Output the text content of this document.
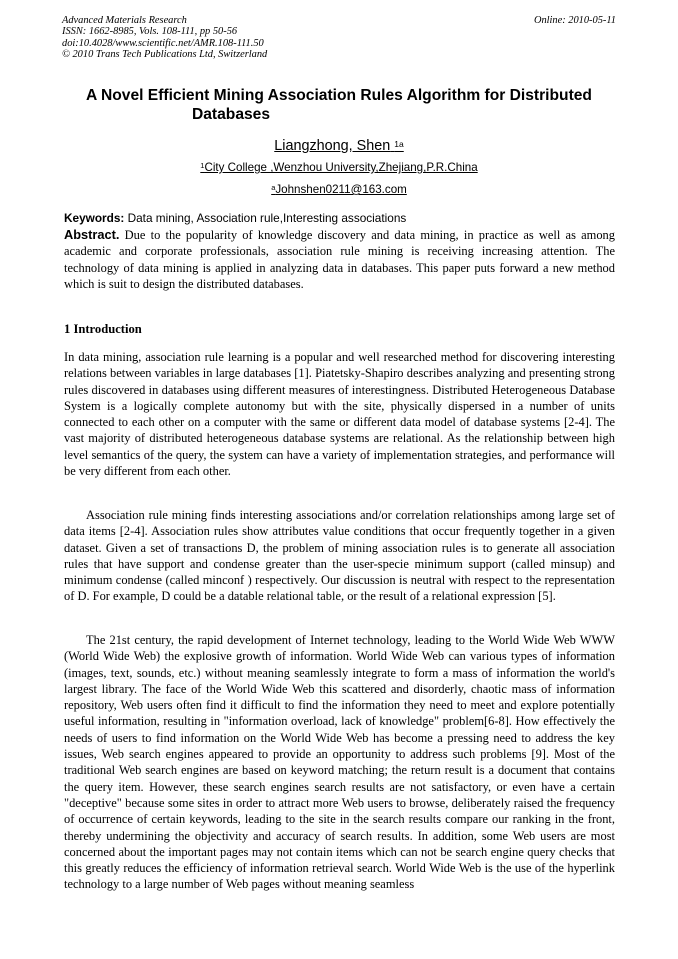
Advanced Materials Research
ISSN: 1662-8985, Vols. 108-111, pp 50-56
doi:10.4028/www.scientific.net/AMR.108-111.50
© 2010 Trans Tech Publications Ltd, Switzerland
Online: 2010-05-11
A Novel Efficient Mining Association Rules Algorithm for Distributed
Databases
Liangzhong, Shen $^{1a}$
$^1$City College ,Wenzhou University,Zhejiang,P.R.China
$^a$Johnshen0211@163.com
Keywords: Data mining, Association rule,Interesting associations
Abstract. Due to the popularity of knowledge discovery and data mining, in practice as well as among academic and corporate professionals, association rule mining is receiving increasing attention. The technology of data mining is applied in analyzing data in databases. This paper puts forward a new method which is suit to design the distributed databases.
1 Introduction

In data mining, association rule learning is a popular and well researched method for discovering interesting relations between variables in large databases [1]. Piatetsky-Shapiro describes analyzing and presenting strong rules discovered in databases using different measures of interestingness. Distributed Heterogeneous Database System is a logically complete autonomy but with the site, physically dispersed in a number of units connected to each other on a computer with the same or different data model of database systems [2-4]. The vast majority of distributed heterogeneous database systems are relational. As the relationship between high level semantics of the query, the system can have a variety of implementation strategies, and performance will be very different from each other.

Association rule mining finds interesting associations and/or correlation relationships among large set of data items [2-4]. Association rules show attributes value conditions that occur frequently together in a given dataset. Given a set of transactions D, the problem of mining association rules is to generate all association rules that have support and condense greater than the user-specie minimum support (called minsup) and minimum condense (called minconf ) respectively. Our discussion is neutral with respect to the representation of D. For example, D could be a datable relational table, or the result of a relational expression [5].

The 21st century, the rapid development of Internet technology, leading to the World Wide Web WWW (World Wide Web) the explosive growth of information. World Wide Web can various types of information (images, text, sounds, etc.) without meaning seamlessly integrate to form a mass of information the world's largest library. The face of the World Wide Web this scattered and disorderly, chaotic mass of information repository, Web users often find it difficult to find the information they need to meet and explore potentially useful information, resulting in "information overload, lack of knowledge" problem[6-8]. How effectively the needs of users to find information on the World Wide Web has become a pressing need to address the key issues, Web search engines appeared to provide an opportunity to address such problems [9]. Most of the traditional Web search engines are based on keyword matching; the return result is a document that contains the query item. However, these search engines search results are not satisfactory, or even have a certain "deceptive" because some sites in order to attract more Web users to browse, deliberately raised the frequency of occurrence of certain keywords, leading to the site in the search results compare our ranking in the front, thereby undermining the objectivity and accuracy of search results. In addition, some Web users are most concerned about the important pages may not contain items which can not be search engine query checks that this greatly reduces the efficiency of information retrieval search. World Wide Web is the use of the hyperlink technology to a large number of Web pages without meaning seamless
